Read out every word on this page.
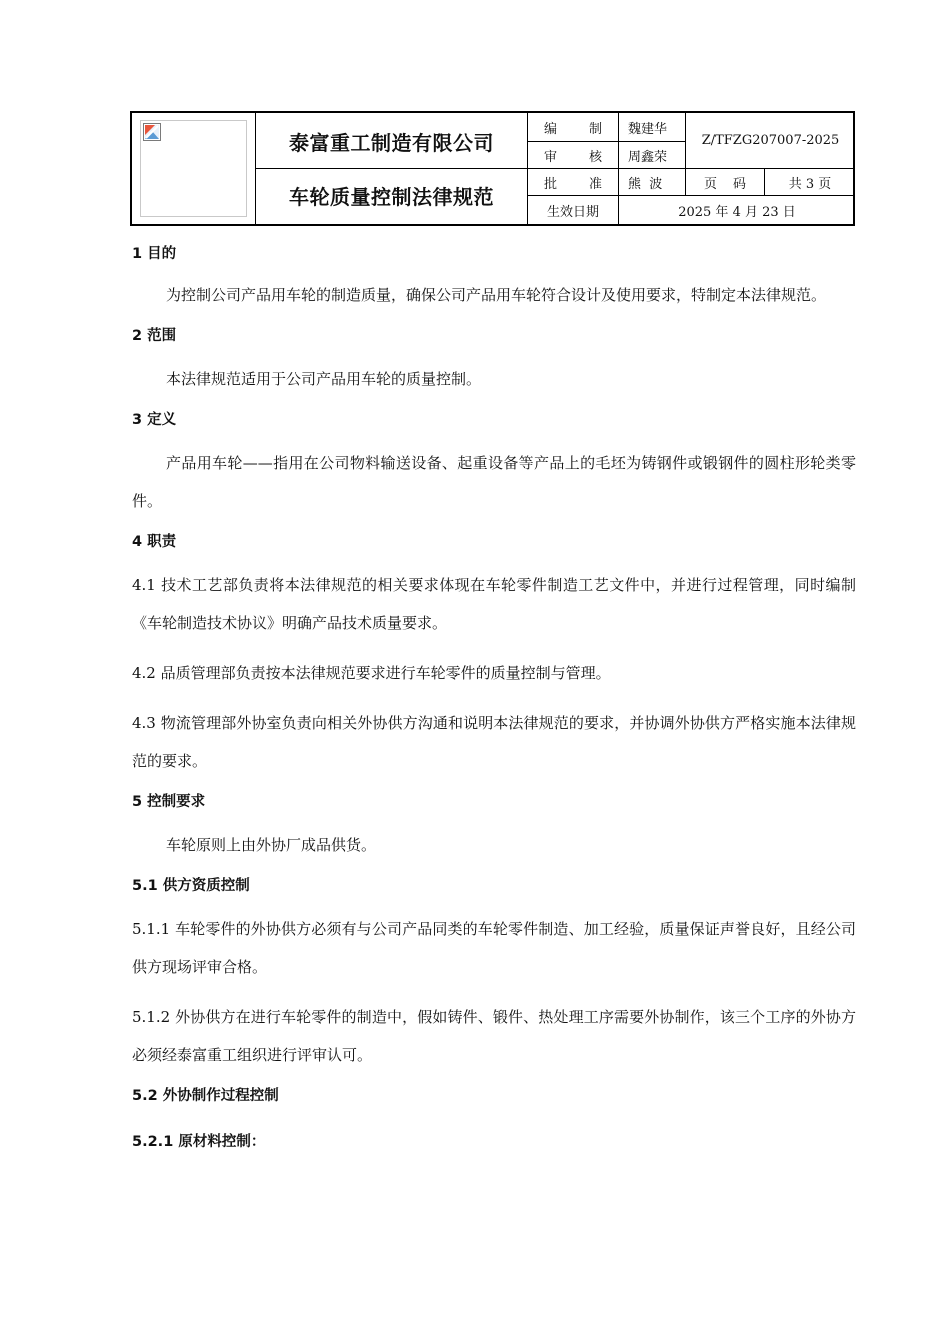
泰富重工制造有限公司
车轮质量控制法律规范
编 制	魏建华
审 核	周鑫荣
Z/TFZG207007-2025
批 准	熊  波	页 码	共 3 页
生效日期	2025 年 4 月 23 日
1 目的

为控制公司产品用车轮的制造质量，确保公司产品用车轮符合设计及使用要求，特制定本法律规范。

2 范围

本法律规范适用于公司产品用车轮的质量控制。

3 定义

产品用车轮——指用在公司物料输送设备、起重设备等产品上的毛坯为铸钢件或锻钢件的圆柱形轮类零件。

4 职责

4.1 技术工艺部负责将本法律规范的相关要求体现在车轮零件制造工艺文件中，并进行过程管理，同时编制《车轮制造技术协议》明确产品技术质量要求。

4.2 品质管理部负责按本法律规范要求进行车轮零件的质量控制与管理。

4.3 物流管理部外协室负责向相关外协供方沟通和说明本法律规范的要求，并协调外协供方严格实施本法律规范的要求。

5 控制要求

车轮原则上由外协厂成品供货。

5.1 供方资质控制

5.1.1 车轮零件的外协供方必须有与公司产品同类的车轮零件制造、加工经验，质量保证声誉良好，且经公司供方现场评审合格。

5.1.2 外协供方在进行车轮零件的制造中，假如铸件、锻件、热处理工序需要外协制作，该三个工序的外协方必须经泰富重工组织进行评审认可。

5.2 外协制作过程控制
5.2.1 原材料控制：
